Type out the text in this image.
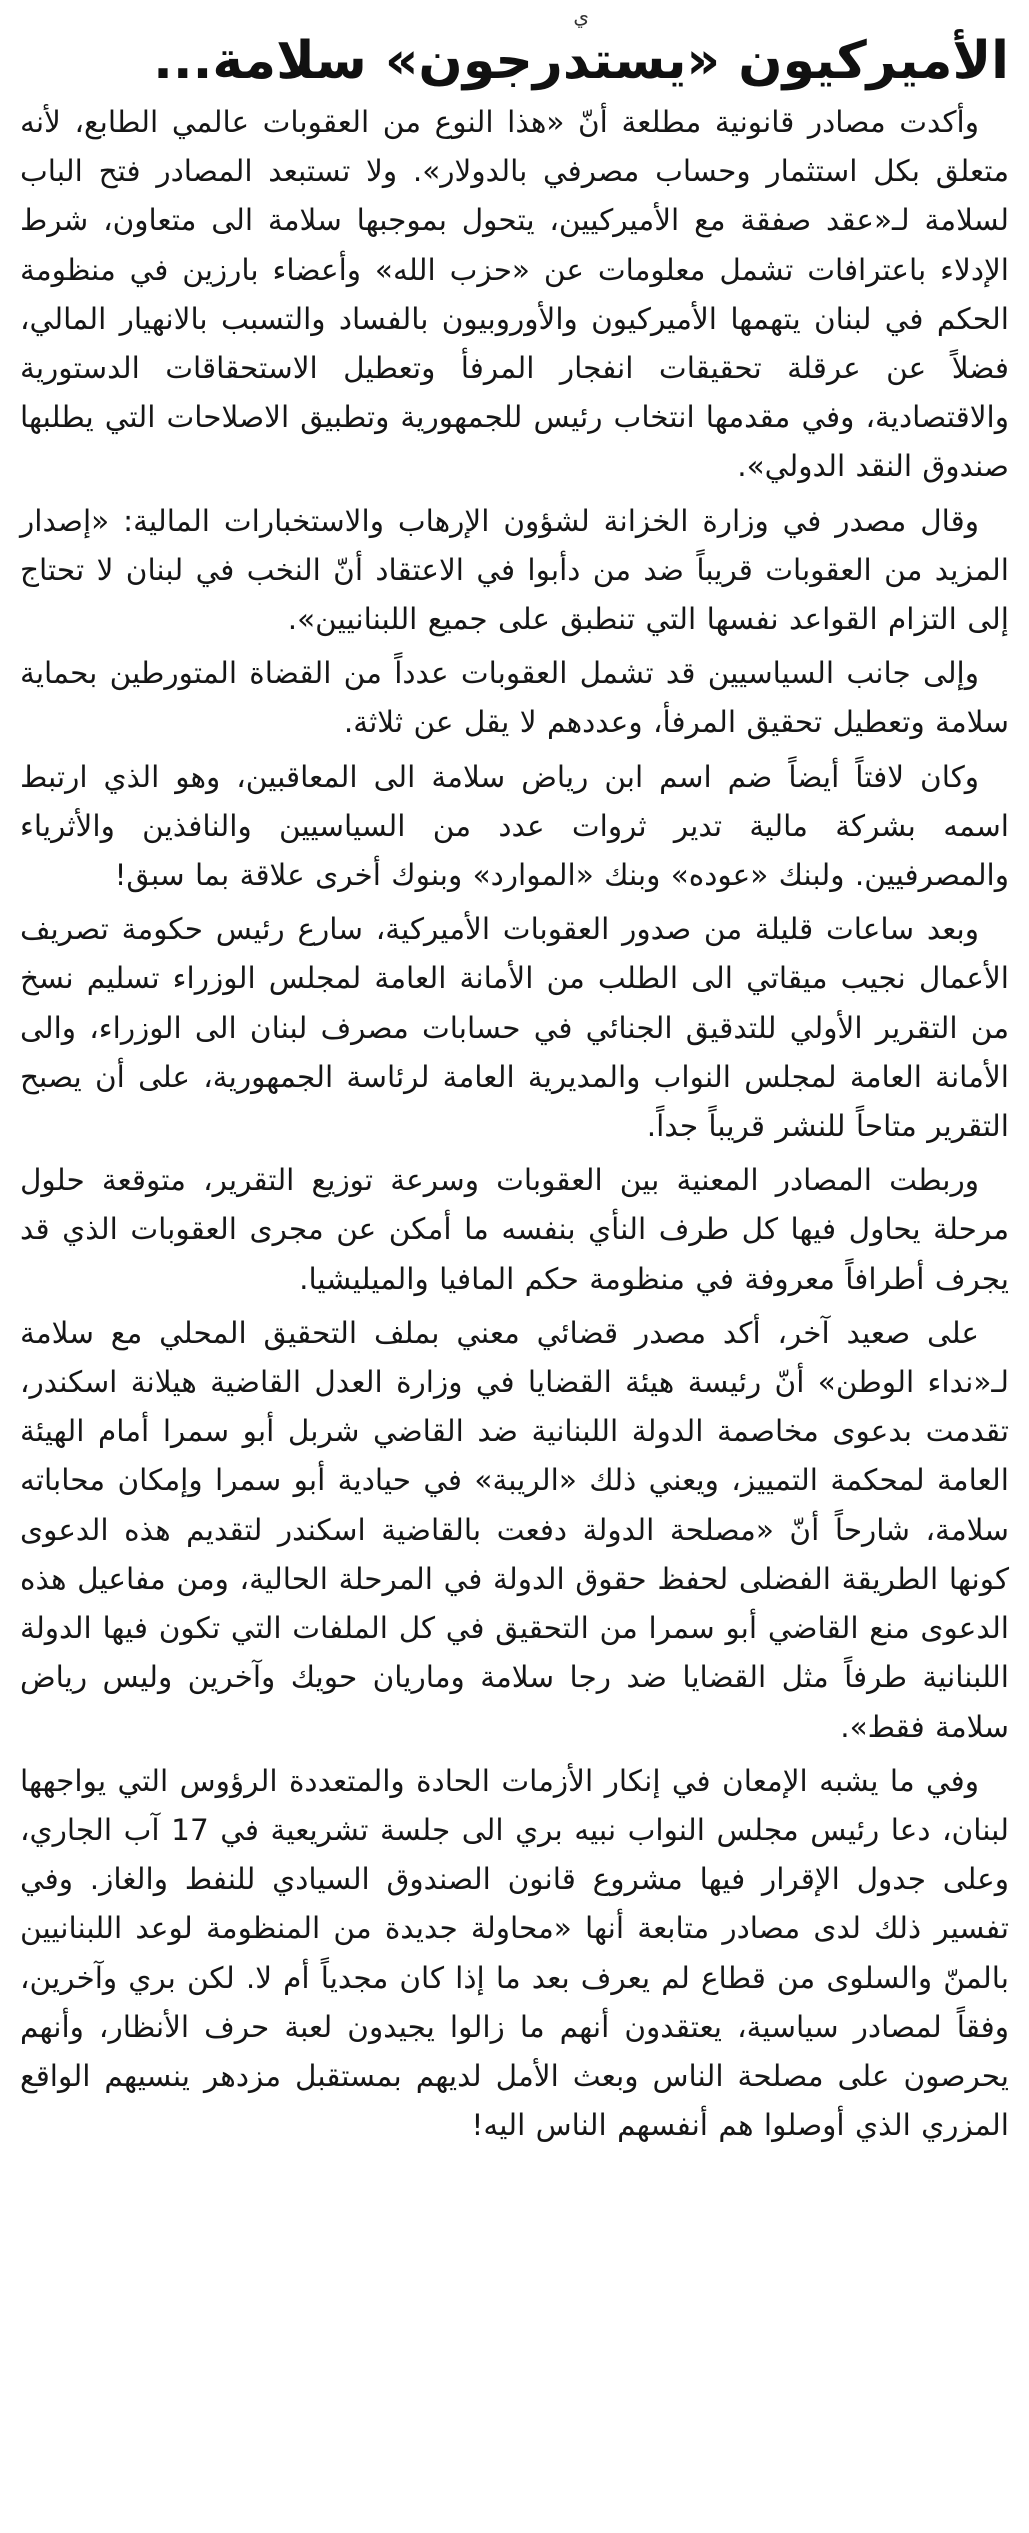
ي
الأميركيون «يستدرجون» سلامة...

وأكدت مصادر قانونية مطلعة أنّ «هذا النوع من العقوبات عالمي الطابع، لأنه متعلق بكل استثمار وحساب مصرفي بالدولار». ولا تستبعد المصادر فتح الباب لسلامة لـ«عقد صفقة مع الأميركيين، يتحول بموجبها سلامة الى متعاون، شرط الإدلاء باعترافات تشمل معلومات عن «حزب الله» وأعضاء بارزين في منظومة الحكم في لبنان يتهمها الأميركيون والأوروبيون بالفساد والتسبب بالانهيار المالي، فضلاً عن عرقلة تحقيقات انفجار المرفأ وتعطيل الاستحقاقات الدستورية والاقتصادية، وفي مقدمها انتخاب رئيس للجمهورية وتطبيق الاصلاحات التي يطلبها صندوق النقد الدولي».

وقال مصدر في وزارة الخزانة لشؤون الإرهاب والاستخبارات المالية: «إصدار المزيد من العقوبات قريباً ضد من دأبوا في الاعتقاد أنّ النخب في لبنان لا تحتاج إلى التزام القواعد نفسها التي تنطبق على جميع اللبنانيين».

وإلى جانب السياسيين قد تشمل العقوبات عدداً من القضاة المتورطين بحماية سلامة وتعطيل تحقيق المرفأ، وعددهم لا يقل عن ثلاثة.

وكان لافتاً أيضاً ضم اسم ابن رياض سلامة الى المعاقبين، وهو الذي ارتبط اسمه بشركة مالية تدير ثروات عدد من السياسيين والنافذين والأثرياء والمصرفيين. ولبنك «عوده» وبنك «الموارد» وبنوك أخرى علاقة بما سبق!

وبعد ساعات قليلة من صدور العقوبات الأميركية، سارع رئيس حكومة تصريف الأعمال نجيب ميقاتي الى الطلب من الأمانة العامة لمجلس الوزراء تسليم نسخ من التقرير الأولي للتدقيق الجنائي في حسابات مصرف لبنان الى الوزراء، والى الأمانة العامة لمجلس النواب والمديرية العامة لرئاسة الجمهورية، على أن يصبح التقرير متاحاً للنشر قريباً جداً.

وربطت المصادر المعنية بين العقوبات وسرعة توزيع التقرير، متوقعة حلول مرحلة يحاول فيها كل طرف النأي بنفسه ما أمكن عن مجرى العقوبات الذي قد يجرف أطرافاً معروفة في منظومة حكم المافيا والميليشيا.

على صعيد آخر، أكد مصدر قضائي معني بملف التحقيق المحلي مع سلامة لـ«نداء الوطن» أنّ رئيسة هيئة القضايا في وزارة العدل القاضية هيلانة اسكندر، تقدمت بدعوى مخاصمة الدولة اللبنانية ضد القاضي شربل أبو سمرا أمام الهيئة العامة لمحكمة التمييز، ويعني ذلك «الريبة» في حيادية أبو سمرا وإمكان محاباته سلامة، شارحاً أنّ «مصلحة الدولة دفعت بالقاضية اسكندر لتقديم هذه الدعوى كونها الطريقة الفضلى لحفظ حقوق الدولة في المرحلة الحالية، ومن مفاعيل هذه الدعوى منع القاضي أبو سمرا من التحقيق في كل الملفات التي تكون فيها الدولة اللبنانية طرفاً مثل القضايا ضد رجا سلامة وماريان حويك وآخرين وليس رياض سلامة فقط».

وفي ما يشبه الإمعان في إنكار الأزمات الحادة والمتعددة الرؤوس التي يواجهها لبنان، دعا رئيس مجلس النواب نبيه بري الى جلسة تشريعية في 17 آب الجاري، وعلى جدول الإقرار فيها مشروع قانون الصندوق السيادي للنفط والغاز. وفي تفسير ذلك لدى مصادر متابعة أنها «محاولة جديدة من المنظومة لوعد اللبنانيين بالمنّ والسلوى من قطاع لم يعرف بعد ما إذا كان مجدياً أم لا. لكن بري وآخرين، وفقاً لمصادر سياسية، يعتقدون أنهم ما زالوا يجيدون لعبة حرف الأنظار، وأنهم يحرصون على مصلحة الناس وبعث الأمل لديهم بمستقبل مزدهر ينسيهم الواقع المزري الذي أوصلوا هم أنفسهم الناس اليه!
